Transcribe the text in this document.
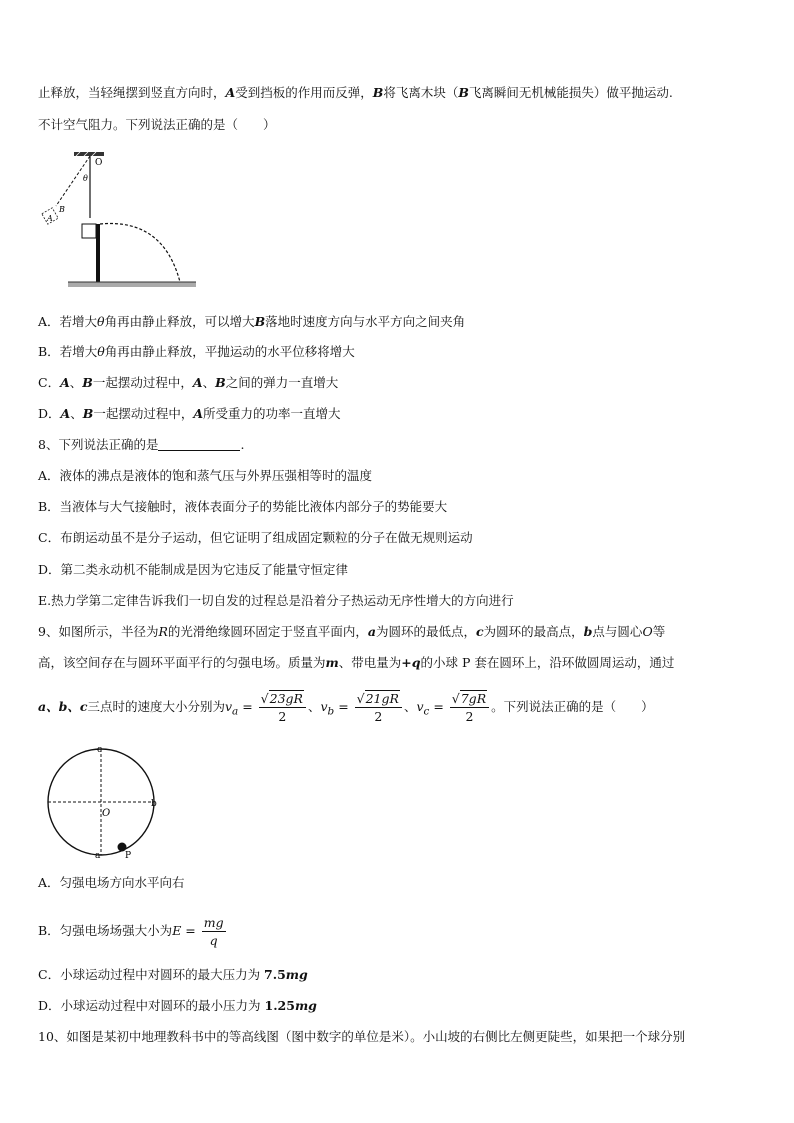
止释放，当轻绳摆到竖直方向时，A受到挡板的作用而反弹，B将飞离木块（B飞离瞬间无机械能损失）做平抛运动.
不计空气阻力。下列说法正确的是（　　）
O
θ
A
B
A．若增大θ角再由静止释放，可以增大B落地时速度方向与水平方向之间夹角
B．若增大θ角再由静止释放，平抛运动的水平位移将增大
C．A、B一起摆动过程中，A、B之间的弹力一直增大
D．A、B一起摆动过程中，A所受重力的功率一直增大
8、下列说法正确的是	.
A．液体的沸点是液体的饱和蒸气压与外界压强相等时的温度
B．当液体与大气接触时，液体表面分子的势能比液体内部分子的势能要大
C．布朗运动虽不是分子运动，但它证明了组成固定颗粒的分子在做无规则运动
D．第二类永动机不能制成是因为它违反了能量守恒定律
E.热力学第二定律告诉我们一切自发的过程总是沿着分子热运动无序性增大的方向进行
9、如图所示，半径为R的光滑绝缘圆环固定于竖直平面内，a为圆环的最低点，c为圆环的最高点，b点与圆心O等
高，该空间存在与圆环平面平行的匀强电场。质量为m、带电量为+q的小球 P 套在圆环上，沿环做圆周运动，通过
a、b、c三点时的速度大小分别为$v_a = \frac{√23gR}{2}$ 、$v_b = \frac{√21gR}{2}$ 、$v_c = \frac{√7gR}{2}$ 。下列说法正确的是（　　）
c
b
O
a	P
A．匀强电场方向水平向右
B．匀强电场场强大小为$E = \frac{mg}{q}$
C．小球运动过程中对圆环的最大压力为 7.5mg
D．小球运动过程中对圆环的最小压力为 1.25mg
10、如图是某初中地理教科书中的等高线图（图中数字的单位是米）。小山坡的右侧比左侧更陡些，如果把一个球分别
